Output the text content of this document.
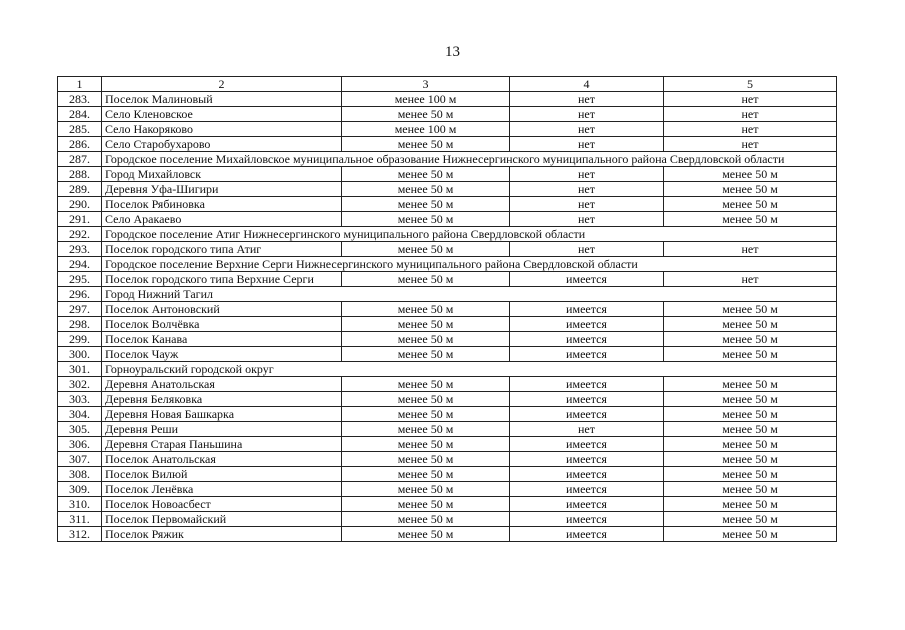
13
1	2	3	4	5
283.	Поселок Малиновый	менее 100 м	нет	нет
284.	Село Кленовское	менее 50 м	нет	нет
285.	Село Накоряково	менее 100 м	нет	нет
286.	Село Старобухарово	менее 50 м	нет	нет
287.	Городское поселение Михайловское муниципальное образование Нижнесергинского муниципального района Свердловской области			
288.	Город Михайловск	менее 50 м	нет	менее 50 м
289.	Деревня Уфа-Шигири	менее 50 м	нет	менее 50 м
290.	Поселок Рябиновка	менее 50 м	нет	менее 50 м
291.	Село Аракаево	менее 50 м	нет	менее 50 м
292.	Городское поселение Атиг Нижнесергинского муниципального района Свердловской области			
293.	Поселок городского типа Атиг	менее 50 м	нет	нет
294.	Городское поселение Верхние Серги Нижнесергинского муниципального района Свердловской области			
295.	Поселок городского типа Верхние Серги	менее 50 м	имеется	нет
296.	Город Нижний Тагил			
297.	Поселок Антоновский	менее 50 м	имеется	менее 50 м
298.	Поселок Волчёвка	менее 50 м	имеется	менее 50 м
299.	Поселок Канава	менее 50 м	имеется	менее 50 м
300.	Поселок Чауж	менее 50 м	имеется	менее 50 м
301.	Горноуральский городской округ			
302.	Деревня Анатольская	менее 50 м	имеется	менее 50 м
303.	Деревня Беляковка	менее 50 м	имеется	менее 50 м
304.	Деревня Новая Башкарка	менее 50 м	имеется	менее 50 м
305.	Деревня Реши	менее 50 м	нет	менее 50 м
306.	Деревня Старая Паньшина	менее 50 м	имеется	менее 50 м
307.	Поселок Анатольская	менее 50 м	имеется	менее 50 м
308.	Поселок Вилюй	менее 50 м	имеется	менее 50 м
309.	Поселок Ленёвка	менее 50 м	имеется	менее 50 м
310.	Поселок Новоасбест	менее 50 м	имеется	менее 50 м
311.	Поселок Первомайский	менее 50 м	имеется	менее 50 м
312.	Поселок Ряжик	менее 50 м	имеется	менее 50 м
